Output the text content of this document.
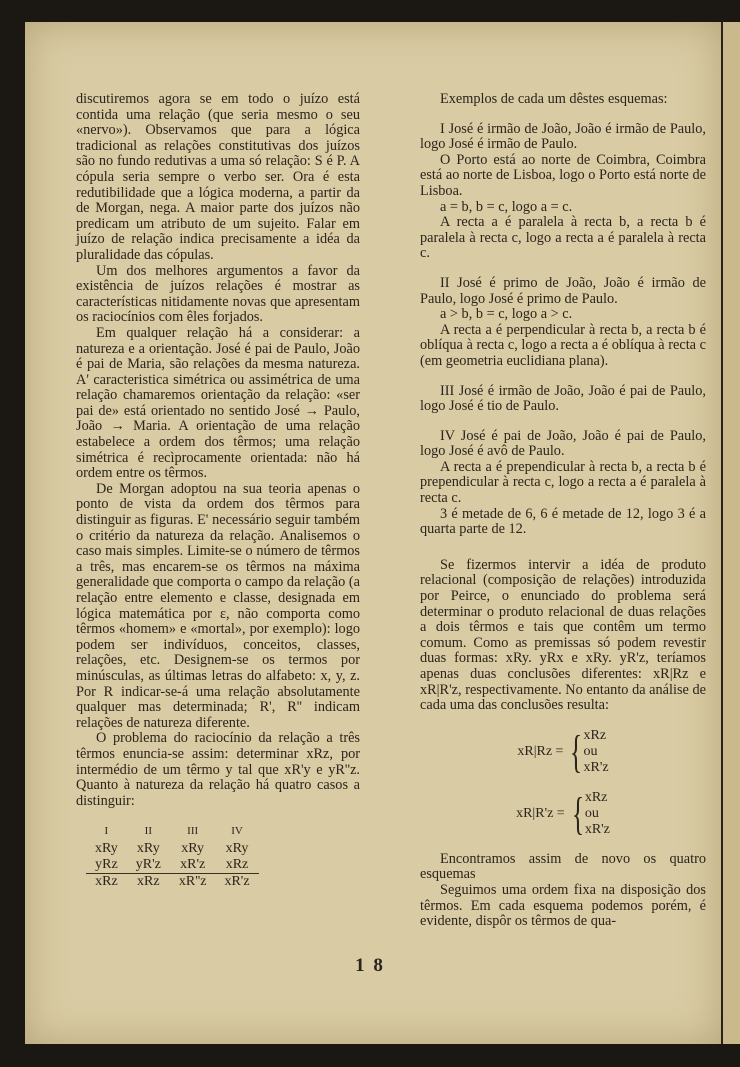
discutiremos agora se em todo o juízo está contida uma relação (que seria mesmo o seu «nervo»). Observamos que para a lógica tradicional as relações constitutivas dos juízos são no fundo redutivas a uma só relação: S é P. A cópula seria sempre o verbo ser. Ora é esta redutibilidade que a lógica moderna, a partir da de Morgan, nega. A maior parte dos juízos não predicam um atributo de um sujeito. Falar em juízo de relação indica precisamente a idéa da pluralidade das cópulas.

Um dos melhores argumentos a favor da existência de juízos relações é mostrar as características nitidamente novas que apresentam os raciocínios com êles forjados.

Em qualquer relação há a considerar: a natureza e a orientação. José é pai de Paulo, João é pai de Maria, são relações da mesma natureza. A' caracteristica simétrica ou assimétrica de uma relação chamaremos orientação da relação: «ser pai de» está orientado no sentido José → Paulo, João → Maria. A orientação de uma relação estabelece a ordem dos têrmos; uma relação simétrica é recìprocamente orientada: não há ordem entre os têrmos.

De Morgan adoptou na sua teoria apenas o ponto de vista da ordem dos têrmos para distinguir as figuras. E' necessário seguir também o critério da natureza da relação. Analisemos o caso mais simples. Limite-se o número de têrmos a três, mas encarem-se os têrmos na máxima generalidade que comporta o campo da relação (a relação entre elemento e classe, designada em lógica matemática por ε, não comporta como têrmos «homem» e «mortal», por exemplo): logo podem ser indivíduos, conceitos, classes, relações, etc. Designem-se os termos por minúsculas, as últimas letras do alfabeto: x, y, z. Por R indicar-se-á uma relação absolutamente qualquer mas determinada; R', R'' indicam relações de natureza diferente.

O problema do raciocínio da relação a três têrmos enuncia-se assim: determinar xRz, por intermédio de um têrmo y tal que xR'y e yR''z. Quanto à natureza da relação há quatro casos a distinguir:

I	II	III	IV
xRy	xRy	xRy	xRy
yRz	yR'z	xR'z	xRz
xRz	xRz	xR''z	xR'z

Exemplos de cada um dêstes esquemas:

I José é irmão de João, João é irmão de Paulo, logo José é irmão de Paulo.

O Porto está ao norte de Coimbra, Coimbra está ao norte de Lisboa, logo o Porto está norte de Lisboa.

a = b, b = c, logo a = c.

A recta a é paralela à recta b, a recta b é paralela à recta c, logo a recta a é paralela à recta c.

II José é primo de João, João é irmão de Paulo, logo José é primo de Paulo.

a > b, b = c, logo a > c.

A recta a é perpendicular à recta b, a recta b é oblíqua à recta c, logo a recta a é oblíqua à recta c (em geometria euclidiana plana).

III José é irmão de João, João é pai de Paulo, logo José é tio de Paulo.

IV José é pai de João, João é pai de Paulo, logo José é avô de Paulo.

A recta a é prependicular à recta b, a recta b é prependicular à recta c, logo a recta a é paralela à recta c.

3 é metade de 6, 6 é metade de 12, logo 3 é a quarta parte de 12.

Se fizermos intervir a idéa de produto relacional (composição de relações) introduzida por Peirce, o enunciado do problema será determinar o produto relacional de duas relações a dois têrmos e tais que contêm um termo comum. Como as premissas só podem revestir duas formas: xRy. yRx e xRy. yR'z, teríamos apenas duas conclusões diferentes: xR|Rz e xR|R'z, respectivamente. No entanto da análise de cada uma das conclusões resulta:

xR|Rz = { xRz
ou
xR'z
xR|R'z = { xRz
ou
xR'z

Encontramos assim de novo os quatro esquemas

Seguimos uma ordem fixa na disposição dos têrmos. Em cada esquema podemos porém, é evidente, dispôr os têrmos de qua-

1 8
